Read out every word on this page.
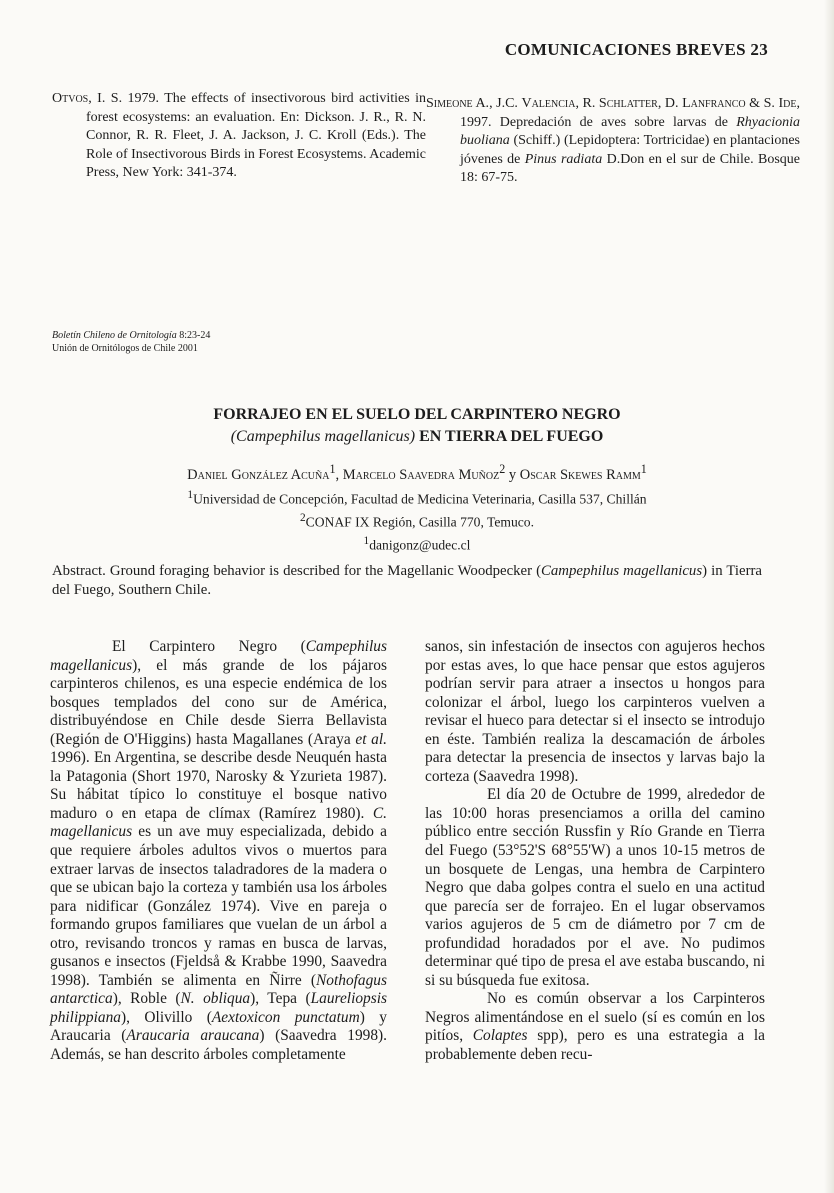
COMUNICACIONES BREVES 23
Otvos, I. S. 1979. The effects of insectivorous bird activities in forest ecosystems: an evaluation. En: Dickson. J. R., R. N. Connor, R. R. Fleet, J. A. Jackson, J. C. Kroll (Eds.). The Role of Insectivorous Birds in Forest Ecosystems. Academic Press, New York: 341-374.
Simeone A., J.C. Valencia, R. Schlatter, D. Lanfranco & S. Ide, 1997. Depredación de aves sobre larvas de Rhyacionia buoliana (Schiff.) (Lepidoptera: Tortricidae) en plantaciones jóvenes de Pinus radiata D.Don en el sur de Chile. Bosque 18: 67-75.
Boletín Chileno de Ornitología 8:23-24
Unión de Ornitólogos de Chile 2001
FORRAJEO EN EL SUELO DEL CARPINTERO NEGRO
(Campephilus magellanicus) EN TIERRA DEL FUEGO
Daniel González Acuña$^1$, Marcelo Saavedra Muñoz$^2$ y Oscar Skewes Ramm$^1$
$^1$Universidad de Concepción, Facultad de Medicina Veterinaria, Casilla 537, Chillán
$^2$CONAF IX Región, Casilla 770, Temuco.
$^1$danigonz@udec.cl
Abstract. Ground foraging behavior is described for the Magellanic Woodpecker (Campephilus magellanicus) in Tierra del Fuego, Southern Chile.

El Carpintero Negro (Campephilus magellanicus), el más grande de los pájaros carpinteros chilenos, es una especie endémica de los bosques templados del cono sur de América, distribuyéndose en Chile desde Sierra Bellavista (Región de O'Higgins) hasta Magallanes (Araya et al. 1996). En Argentina, se describe desde Neuquén hasta la Patagonia (Short 1970, Narosky & Yzurieta 1987). Su hábitat típico lo constituye el bosque nativo maduro o en etapa de clímax (Ramírez 1980). C. magellanicus es un ave muy especializada, debido a que requiere árboles adultos vivos o muertos para extraer larvas de insectos taladradores de la madera o que se ubican bajo la corteza y también usa los árboles para nidificar (González 1974). Vive en pareja o formando grupos familiares que vuelan de un árbol a otro, revisando troncos y ramas en busca de larvas, gusanos e insectos (Fjeldså & Krabbe 1990, Saavedra 1998). También se alimenta en Ñirre (Nothofagus antarctica), Roble (N. obliqua), Tepa (Laureliopsis philippiana), Olivillo (Aextoxicon punctatum) y Araucaria (Araucaria araucana) (Saavedra 1998). Además, se han descrito árboles completamente

sanos, sin infestación de insectos con agujeros hechos por estas aves, lo que hace pensar que estos agujeros podrían servir para atraer a insectos u hongos para colonizar el árbol, luego los carpinteros vuelven a revisar el hueco para detectar si el insecto se introdujo en éste. También realiza la descamación de árboles para detectar la presencia de insectos y larvas bajo la corteza (Saavedra 1998).

El día 20 de Octubre de 1999, alrededor de las 10:00 horas presenciamos a orilla del camino público entre sección Russfin y Río Grande en Tierra del Fuego (53°52'S 68°55'W) a unos 10-15 metros de un bosquete de Lengas, una hembra de Carpintero Negro que daba golpes contra el suelo en una actitud que parecía ser de forrajeo. En el lugar observamos varios agujeros de 5 cm de diámetro por 7 cm de profundidad horadados por el ave. No pudimos determinar qué tipo de presa el ave estaba buscando, ni si su búsqueda fue exitosa.

No es común observar a los Carpinteros Negros alimentándose en el suelo (sí es común en los pitíos, Colaptes spp), pero es una estrategia a la probablemente deben recu-
